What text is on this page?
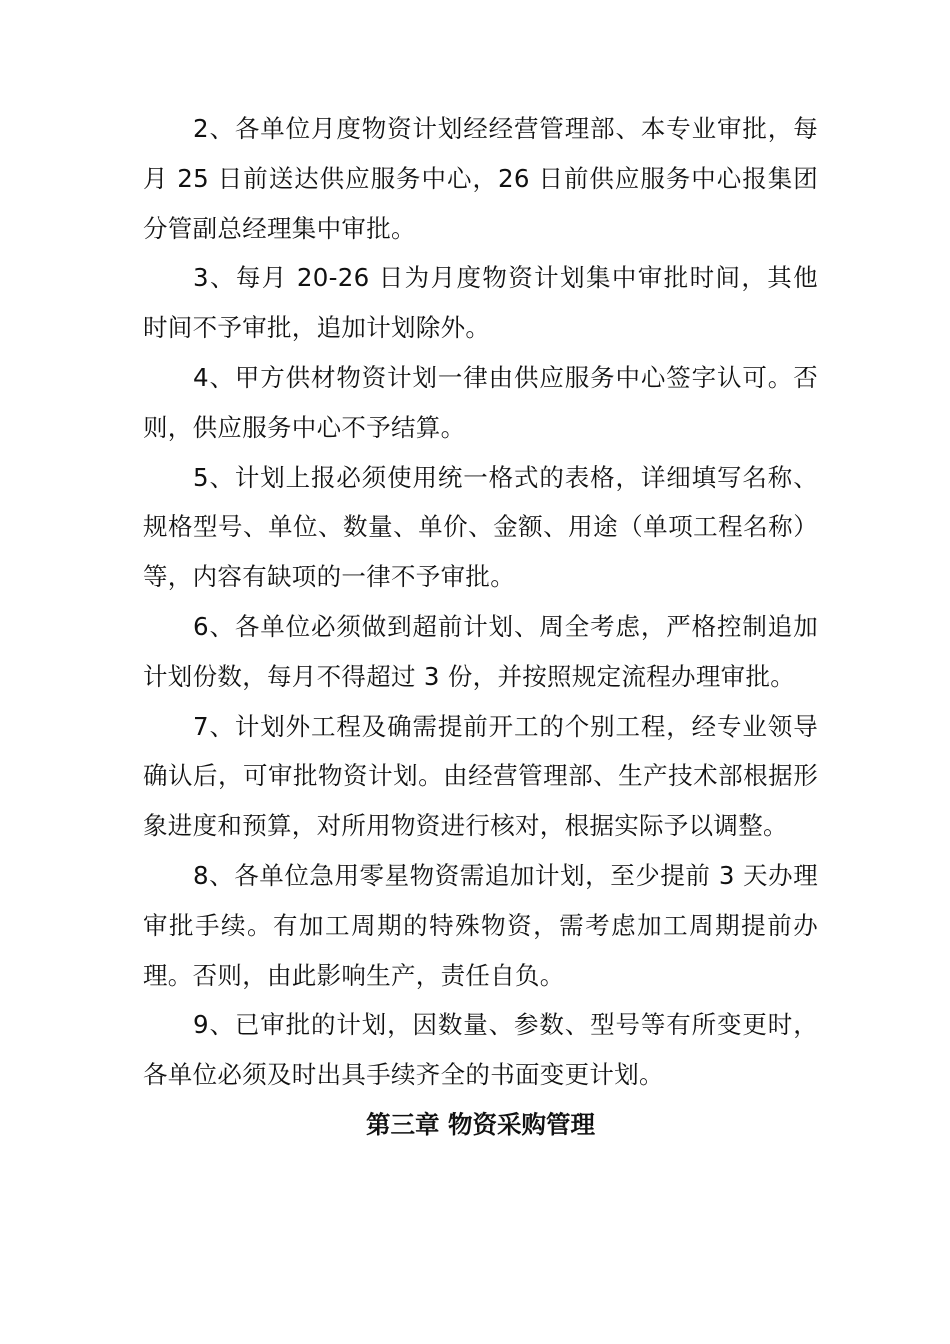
2、各单位月度物资计划经经营管理部、本专业审批，每月 25 日前送达供应服务中心，26 日前供应服务中心报集团分管副总经理集中审批。

3、每月 20-26 日为月度物资计划集中审批时间，其他时间不予审批，追加计划除外。

4、甲方供材物资计划一律由供应服务中心签字认可。否则，供应服务中心不予结算。

5、计划上报必须使用统一格式的表格，详细填写名称、规格型号、单位、数量、单价、金额、用途（单项工程名称）等，内容有缺项的一律不予审批。

6、各单位必须做到超前计划、周全考虑，严格控制追加计划份数，每月不得超过 3 份，并按照规定流程办理审批。

7、计划外工程及确需提前开工的个别工程，经专业领导确认后，可审批物资计划。由经营管理部、生产技术部根据形象进度和预算，对所用物资进行核对，根据实际予以调整。

8、各单位急用零星物资需追加计划，至少提前 3 天办理审批手续。有加工周期的特殊物资，需考虑加工周期提前办理。否则，由此影响生产，责任自负。

9、已审批的计划，因数量、参数、型号等有所变更时，各单位必须及时出具手续齐全的书面变更计划。

第三章 物资采购管理
